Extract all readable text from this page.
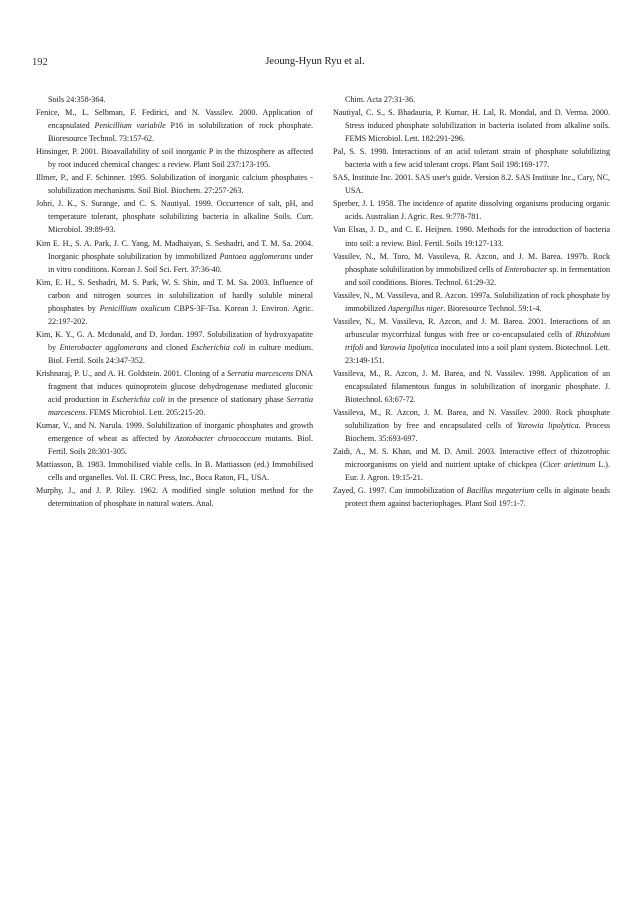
192	Jeoung-Hyun Ryu et al.

Soils 24:358-364.

Fenice, M., L. Selbman, F. Fedirici, and N. Vassilev. 2000. Application of encapsulated Penicillium variabile P16 in solubilization of rock phosphate. Bioresource Technol. 73:157-62.

Hinsinger, P. 2001. Bioavailability of soil inorganic P in the rhizosphere as affected by root induced chemical changes: a review. Plant Soil 237:173-195.

Illmer, P., and F. Schinner. 1995. Solubilization of inorganic calcium phosphates - solubilization mechanisms. Soil Biol. Biochem. 27:257-263.

Johri, J. K., S. Surange, and C. S. Nautiyal. 1999. Occurrence of salt, pH, and temperature tolerant, phosphate solubilizing bacteria in alkaline Soils. Curr. Microbiol. 39:89-93.

Kim E. H., S. A. Park, J. C. Yang, M. Madhaiyan, S. Seshadri, and T. M. Sa. 2004. Inorganic phosphate solubilization by immobilized Pantoea agglomerans under in vitro conditions. Korean J. Soil Sci. Fert. 37:36-40.

Kim, E. H., S. Seshadri, M. S. Park, W. S. Shin, and T. M. Sa. 2003. Influence of carbon and nitrogen sources in solubilization of hardly soluble mineral phosphates by Penicillium oxalicum CBPS-3F-Tsa. Korean J. Environ. Agric. 22:197-202.

Kim, K. Y., G. A. Mcdonald, and D. Jordan. 1997. Solubilization of hydroxyapatite by Enterobacter agglomerans and cloned Escherichia coli in culture medium. Biol. Fertil. Soils 24:347-352.

Krishnaraj, P. U., and A. H. Goldstein. 2001. Cloning of a Serratia marcescens DNA fragment that induces quinoprotein glucose dehydrogenase mediated gluconic acid production in Escherichia coli in the presence of stationary phase Serratia marcescens. FEMS Microbiol. Lett. 205:215-20.

Kumar, V., and N. Narula. 1999. Solubilization of inorganic phosphates and growth emergence of wheat as affected by Azotobacter chroococcum mutants. Biol. Fertil. Soils 28:301-305.

Mattiasson, B. 1983. Immobilised viable cells. In B. Mattiasson (ed.) Immobilised cells and organelles. Vol. II. CRC Press, Inc., Boca Raton, FL, USA.

Murphy, J., and J. P. Riley. 1962. A modified single solution method for the determination of phosphate in natural waters. Anal.

Chim. Acta 27:31-36.

Nautiyal, C. S., S. Bhadauria, P. Kumar, H. Lal, R. Mondal, and D. Verma. 2000. Stress induced phosphate solubilization in bacteria isolated from alkaline soils. FEMS Microbiol. Lett. 182:291-296.

Pal, S. S. 1998. Interactions of an acid tolerant strain of phosphate solubilizing bacteria with a few acid tolerant crops. Plant Soil 198:169-177.

SAS, Institute Inc. 2001. SAS user's guide. Version 8.2. SAS Institute Inc., Cary, NC, USA.

Sperber, J. I. 1958. The incidence of apatite dissolving organisms producing organic acids. Australian J. Agric. Res. 9:778-781.

Van Elsas, J. D., and C. E. Heijnen. 1990. Methods for the introduction of bacteria into soil: a review. Biol. Fertil. Soils 19:127-133.

Vassilev, N., M. Toro, M. Vassileva, R. Azcon, and J. M. Barea. 1997b. Rock phosphate solubilization by immobilized cells of Enterobacter sp. in fermentation and soil conditions. Biores. Technol. 61:29-32.

Vassilev, N., M. Vassileva, and R. Azcon. 1997a. Solubilization of rock phosphate by immobilized Aspergillus niger. Bioresource Technol. 59:1-4.

Vassilev, N., M. Vassileva, R. Azcon, and J. M. Barea. 2001. Interactions of an arbuscular mycorrhizal fungus with free or co-encapsulated cells of Rhizobium trifoli and Yarowia lipolytica inoculated into a soil plant system. Biotechnol. Lett. 23:149-151.

Vassileva, M., R. Azcon, J. M. Barea, and N. Vassilev. 1998. Application of an encapsulated filamentous fungus in solubilization of inorganic phosphate. J. Biotechnol. 63:67-72.

Vassileva, M., R. Azcon, J. M. Barea, and N. Vassilev. 2000. Rock phosphate solubilization by free and encapsulated cells of Yarowia lipolytica. Process Biochem. 35:693-697.

Zaidi, A., M. S. Khan, and M. D. Amil. 2003. Interactive effect of rhizotrophic microorganisms on yield and nutrient uptake of chickpea (Cicer arietinum L.). Eur. J. Agron. 19:15-21.

Zayed, G. 1997. Can immobilization of Bacillus megaterium cells in alginate beads protect them against bacteriophages. Plant Soil 197:1-7.
